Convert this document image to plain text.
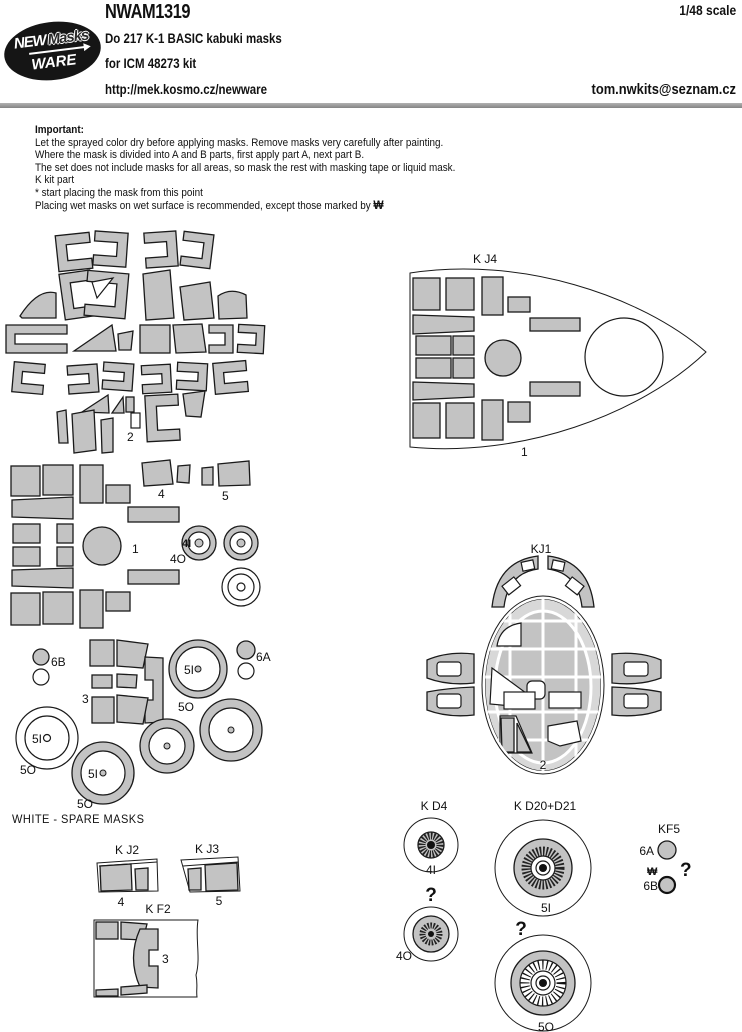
NEWMasks
WARE
NWAM1319
Do 217 K-1 BASIC kabuki masks
for ICM 48273 kit
http://mek.kosmo.cz/newware
1/48 scale
tom.nwkits@seznam.cz
Important:
Let the sprayed color dry before applying masks. Remove masks very carefully after painting.
Where the mask is divided into A and B parts, first apply part A, next part B.
The set does not include masks for all areas, so mask the rest with masking tape or liquid mask.
K kit part
* start placing the mask from this point
Placing wet masks on wet surface is recommended, except those marked by ₩
2
K J4
1
1
4	5
4I
4O
6B	6A
3
5I
5O
5I
5O	5I
5O
WHITE - SPARE MASKS
KJ1
2
K J2
4
K J3
5
K F2
3
K D4
4I
?
4O
K D20+D21
5I
?
5O
KF5
6A
₩ ?
6B
